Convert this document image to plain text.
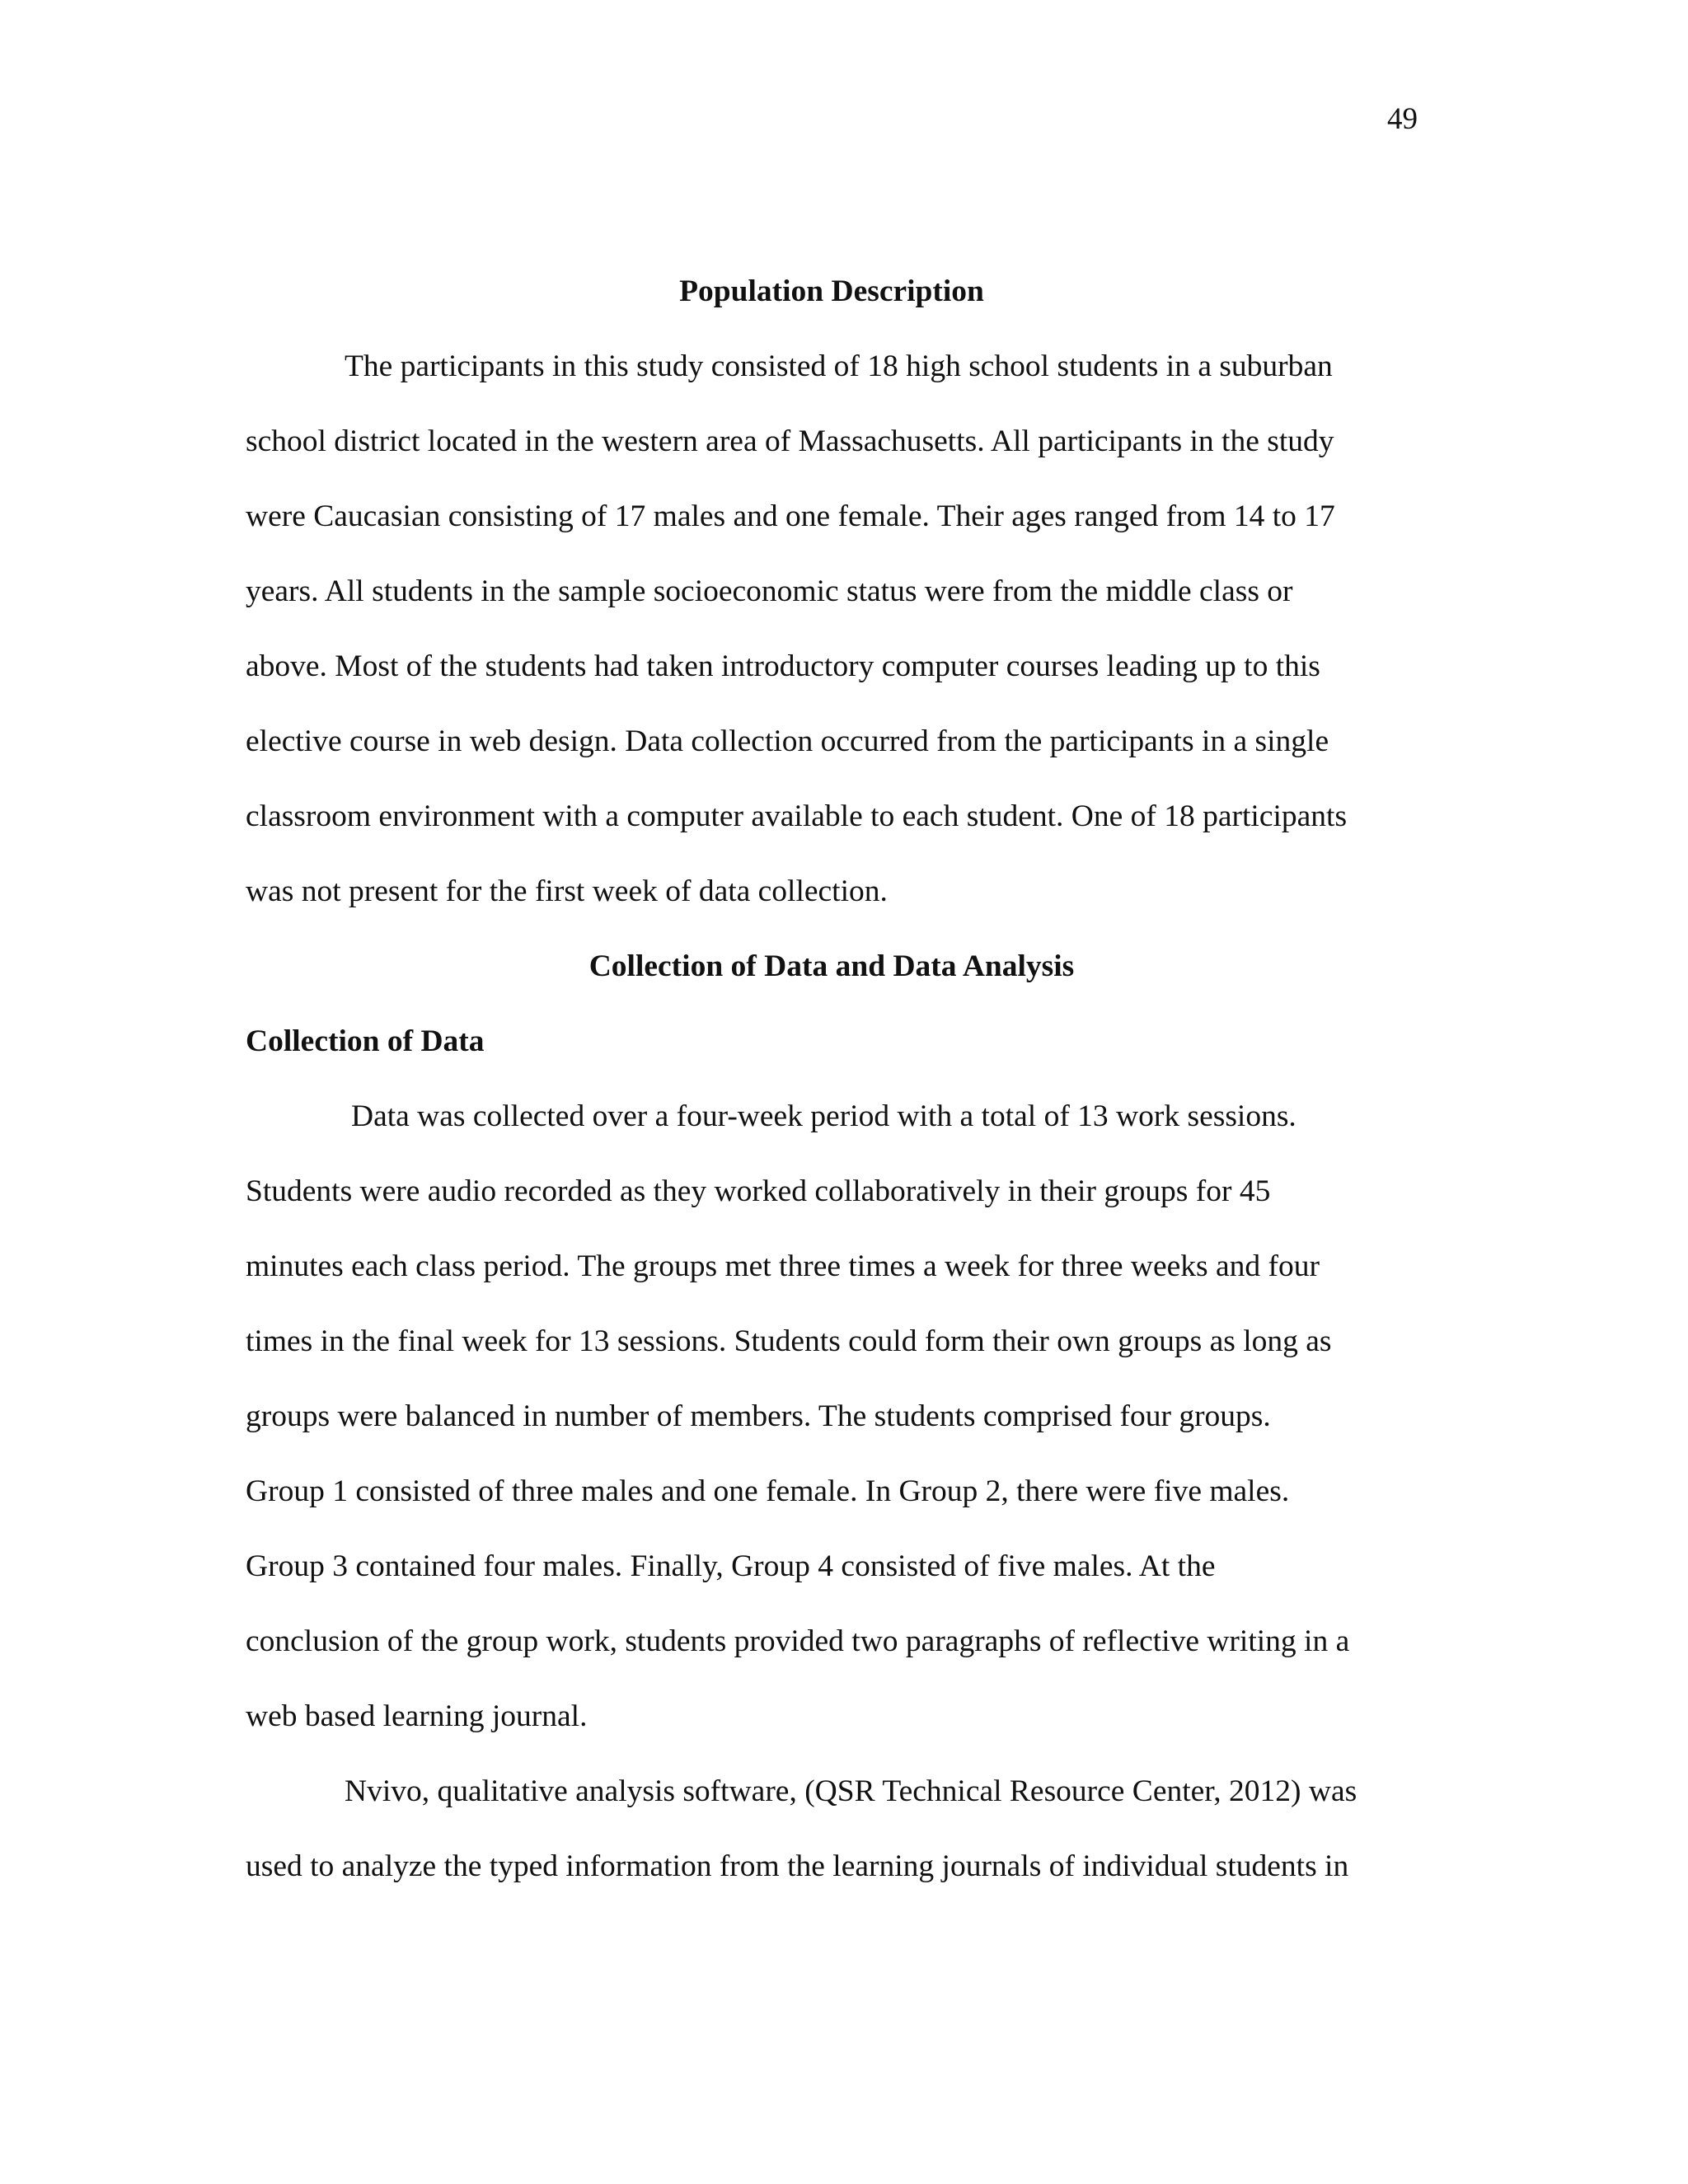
49
Population Description
The participants in this study consisted of 18 high school students in a suburban
school district located in the western area of Massachusetts. All participants in the study
were Caucasian consisting of 17 males and one female. Their ages ranged from 14 to 17
years. All students in the sample socioeconomic status were from the middle class or
above. Most of the students had taken introductory computer courses leading up to this
elective course in web design. Data collection occurred from the participants in a single
classroom environment with a computer available to each student. One of 18 participants
was not present for the first week of data collection.
Collection of Data and Data Analysis
Collection of Data
Data was collected over a four-week period with a total of 13 work sessions.
Students were audio recorded as they worked collaboratively in their groups for 45
minutes each class period. The groups met three times a week for three weeks and four
times in the final week for 13 sessions. Students could form their own groups as long as
groups were balanced in number of members. The students comprised four groups.
Group 1 consisted of three males and one female. In Group 2, there were five males.
Group 3 contained four males. Finally, Group 4 consisted of five males. At the
conclusion of the group work, students provided two paragraphs of reflective writing in a
web based learning journal.
Nvivo, qualitative analysis software, (QSR Technical Resource Center, 2012) was
used to analyze the typed information from the learning journals of individual students in
